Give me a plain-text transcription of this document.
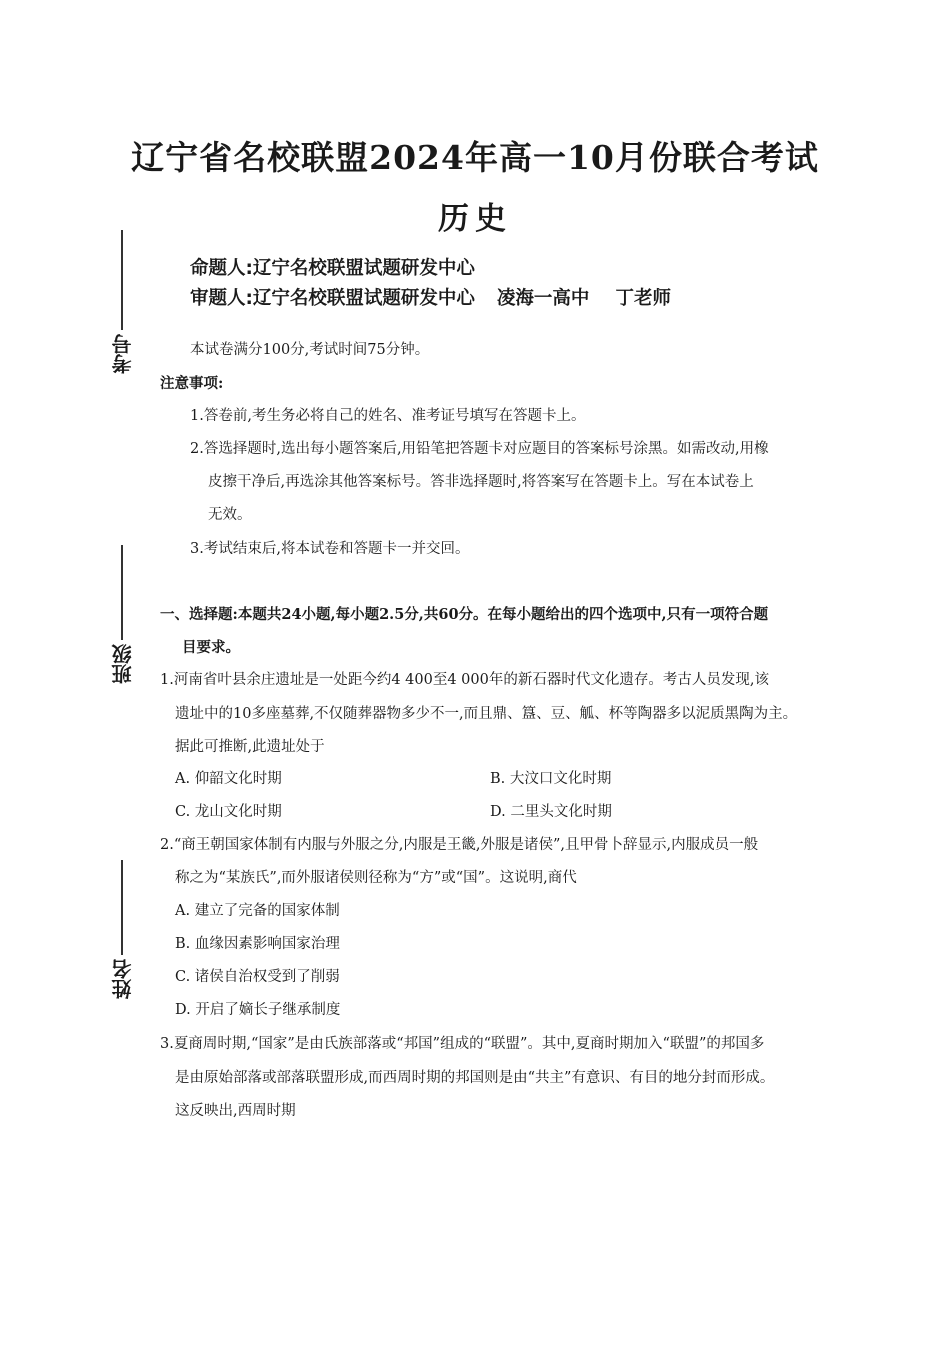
考号
班级
姓名
辽宁省名校联盟2024年高一10月份联合考试
历史
命题人:辽宁名校联盟试题研发中心
审题人:辽宁名校联盟试题研发中心 凌海一高中 丁老师
本试卷满分100分,考试时间75分钟。
注意事项:
1.答卷前,考生务必将自己的姓名、准考证号填写在答题卡上。
2.答选择题时,选出每小题答案后,用铅笔把答题卡对应题目的答案标号涂黑。如需改动,用橡
皮擦干净后,再选涂其他答案标号。答非选择题时,将答案写在答题卡上。写在本试卷上
无效。
3.考试结束后,将本试卷和答题卡一并交回。
一、选择题:本题共24小题,每小题2.5分,共60分。在每小题给出的四个选项中,只有一项符合题
目要求。
1.河南省叶县余庄遗址是一处距今约4 400至4 000年的新石器时代文化遗存。考古人员发现,该
遗址中的10多座墓葬,不仅随葬器物多少不一,而且鼎、簋、豆、觚、杯等陶器多以泥质黑陶为主。
据此可推断,此遗址处于
A. 仰韶文化时期	B. 大汶口文化时期
C. 龙山文化时期	D. 二里头文化时期
2.“商王朝国家体制有内服与外服之分,内服是王畿,外服是诸侯”,且甲骨卜辞显示,内服成员一般
称之为“某族氏”,而外服诸侯则径称为“方”或“国”。这说明,商代
A. 建立了完备的国家体制
B. 血缘因素影响国家治理
C. 诸侯自治权受到了削弱
D. 开启了嫡长子继承制度
3.夏商周时期,“国家”是由氏族部落或“邦国”组成的“联盟”。其中,夏商时期加入“联盟”的邦国多
是由原始部落或部落联盟形成,而西周时期的邦国则是由“共主”有意识、有目的地分封而形成。
这反映出,西周时期
